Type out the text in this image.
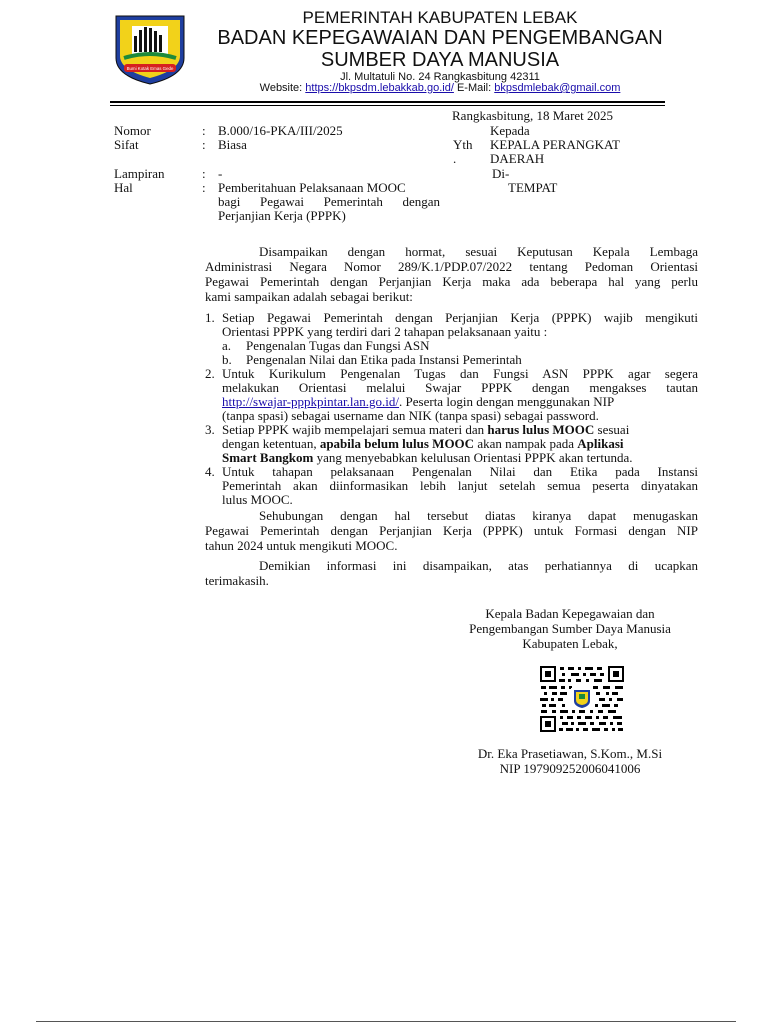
Bumi Kotak Emas Gede
PEMERINTAH KABUPATEN LEBAK
BADAN KEPEGAWAIAN DAN PENGEMBANGAN
SUMBER DAYA MANUSIA
Jl. Multatuli No. 24 Rangkasbitung 42311
Website: https://bkpsdm.lebakkab.go.id/ E-Mail: bkpsdmlebak@gmail.com
Rangkasbitung, 18 Maret 2025
Nomor	: B.000/16-PKA/III/2025
Sifat	: Biasa
Lampiran	: -
Hal	: Pemberitahuan Pelaksanaan MOOC
bagi Pegawai Pemerintah dengan
Perjanjian Kerja (PPPK)
Kepada
Yth
.
KEPALA PERANGKAT
DAERAH
Di-
TEMPAT
Disampaikan dengan hormat, sesuai Keputusan Kepala Lembaga
Administrasi Negara Nomor 289/K.1/PDP.07/2022 tentang Pedoman Orientasi
Pegawai Pemerintah dengan Perjanjian Kerja maka ada beberapa hal yang perlu
kami sampaikan adalah sebagai berikut:
1. Setiap Pegawai Pemerintah dengan Perjanjian Kerja (PPPK) wajib mengikuti
Orientasi PPPK yang terdiri dari 2 tahapan pelaksanaan yaitu :
a.	Pengenalan Tugas dan Fungsi ASN
b.	Pengenalan Nilai dan Etika pada Instansi Pemerintah
2. Untuk Kurikulum Pengenalan Tugas dan Fungsi ASN PPPK agar segera
melakukan Orientasi melalui Swajar PPPK dengan mengakses tautan
http://swajar-pppkpintar.lan.go.id/. Peserta login dengan menggunakan NIP
(tanpa spasi) sebagai username dan NIK (tanpa spasi) sebagai password.
3. Setiap PPPK wajib mempelajari semua materi dan harus lulus MOOC sesuai
dengan ketentuan, apabila belum lulus MOOC akan nampak pada Aplikasi
Smart Bangkom yang menyebabkan kelulusan Orientasi PPPK akan tertunda.
4. Untuk tahapan pelaksanaan Pengenalan Nilai dan Etika pada Instansi
Pemerintah akan diinformasikan lebih lanjut setelah semua peserta dinyatakan
lulus MOOC.
Sehubungan dengan hal tersebut diatas kiranya dapat menugaskan
Pegawai Pemerintah dengan Perjanjian Kerja (PPPK) untuk Formasi dengan NIP
tahun 2024 untuk mengikuti MOOC.
Demikian informasi ini disampaikan, atas perhatiannya di ucapkan
terimakasih.
Kepala Badan Kepegawaian dan
Pengembangan Sumber Daya Manusia
Kabupaten Lebak,
Dr. Eka Prasetiawan, S.Kom., M.Si
NIP 197909252006041006
